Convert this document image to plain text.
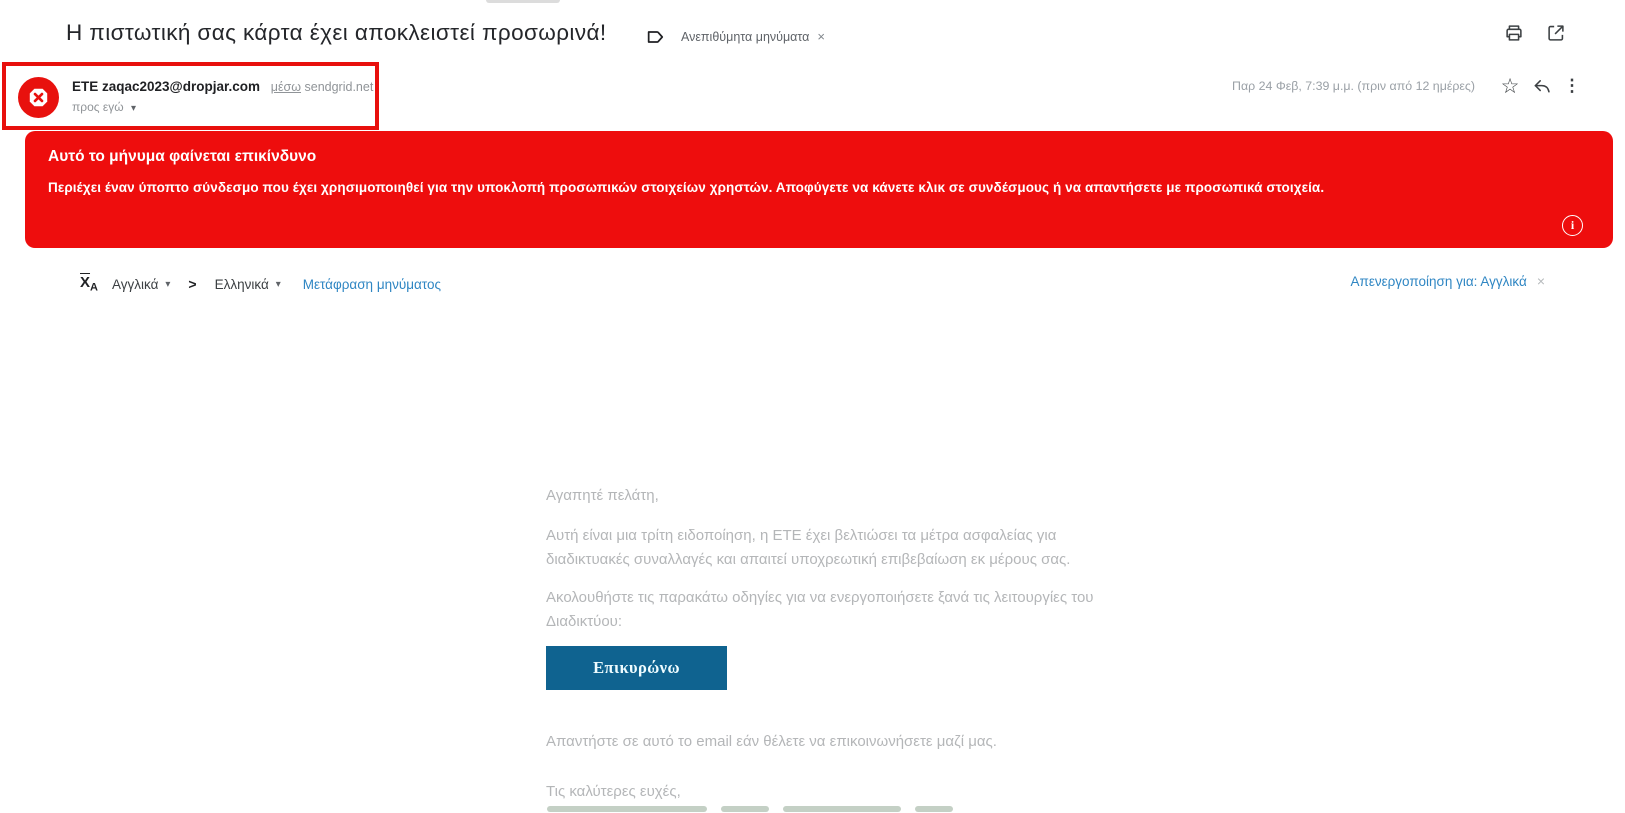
Η πιστωτική σας κάρτα έχει αποκλειστεί προσωρινά!	Ανεπιθύμητα μηνύματα ×
ΕΤΕ zaqac2023@dropjar.com μέσω sendgrid.net
προς εγώ ▾
Παρ 24 Φεβ, 7:39 μ.μ. (πριν από 12 ημέρες) ☆	⋮
Αυτό το μήνυμα φαίνεται επικίνδυνο
Περιέχει έναν ύποπτο σύνδεσμο που έχει χρησιμοποιηθεί για την υποκλοπή προσωπικών στοιχείων χρηστών. Αποφύγετε να κάνετε κλικ σε συνδέσμους ή να απαντήσετε με προσωπικά στοιχεία.
i
$\overline{X}_A$ Αγγλικά ▾ > Ελληνικά ▾ Μετάφραση μηνύματος	Απενεργοποίηση για: Αγγλικά ×
Αγαπητέ πελάτη,
Αυτή είναι μια τρίτη ειδοποίηση, η ΕΤΕ έχει βελτιώσει τα μέτρα ασφαλείας για
διαδικτυακές συναλλαγές και απαιτεί υποχρεωτική επιβεβαίωση εκ μέρους σας.
Ακολουθήστε τις παρακάτω οδηγίες για να ενεργοποιήσετε ξανά τις λειτουργίες του
Διαδικτύου:
Επικυρώνω
Απαντήστε σε αυτό το email εάν θέλετε να επικοινωνήσετε μαζί μας.
Τις καλύτερες ευχές,
